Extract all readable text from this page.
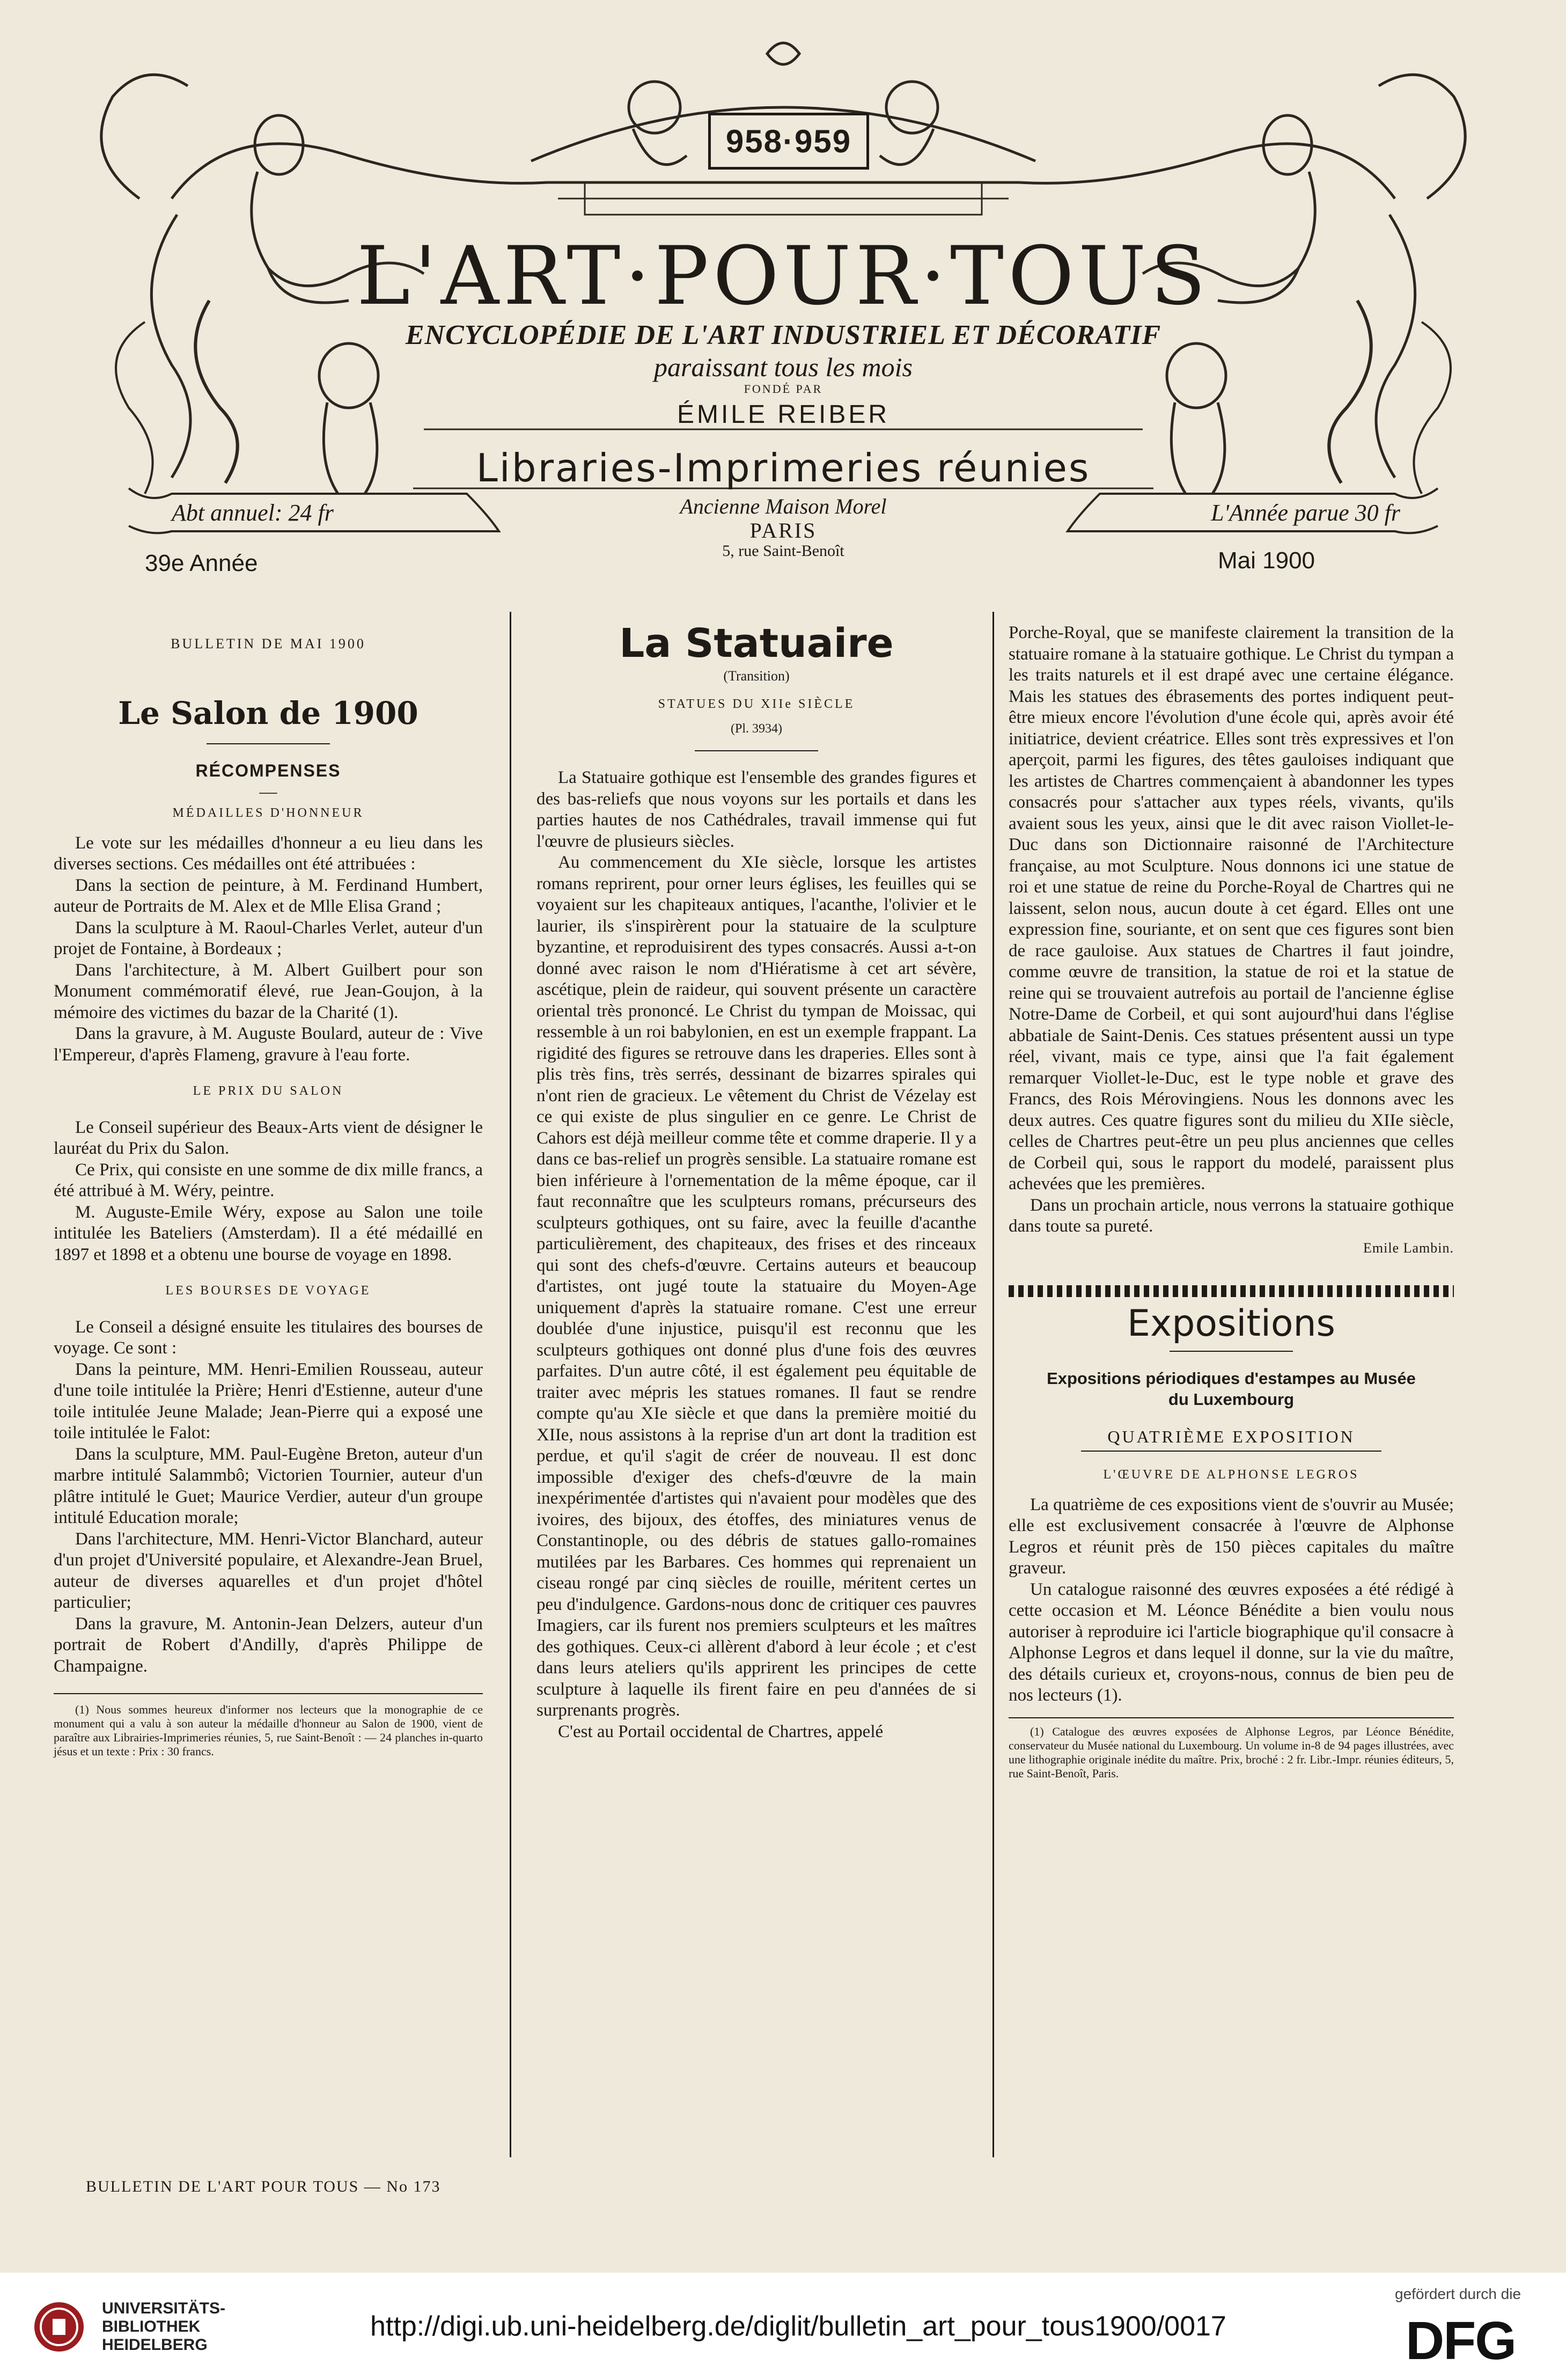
958·959
L'ART·POUR·TOUS
ENCYCLOPÉDIE DE L'ART INDUSTRIEL ET DÉCORATIF
paraissant tous les mois
FONDÉ PAR
ÉMILE REIBER
Libraries-Imprimeries réunies
Abt annuel: 24 fr	L'Année parue 30 fr
Ancienne Maison Morel
PARIS
5, rue Saint-Benoît
39e Année	Mai 1900
BULLETIN DE MAI 1900
Le Salon de 1900
RÉCOMPENSES
—
MÉDAILLES D'HONNEUR

Le vote sur les médailles d'honneur a eu lieu dans les diverses sections. Ces médailles ont été attribuées :

Dans la section de peinture, à M. Ferdinand Humbert, auteur de Portraits de M. Alex et de Mlle Elisa Grand ;

Dans la sculpture à M. Raoul-Charles Verlet, auteur d'un projet de Fontaine, à Bordeaux ;

Dans l'architecture, à M. Albert Guilbert pour son Monument commémoratif élevé, rue Jean-Goujon, à la mémoire des victimes du bazar de la Charité (1).

Dans la gravure, à M. Auguste Boulard, auteur de : Vive l'Empereur, d'après Flameng, gravure à l'eau forte.

LE PRIX DU SALON

Le Conseil supérieur des Beaux-Arts vient de désigner le lauréat du Prix du Salon.

Ce Prix, qui consiste en une somme de dix mille francs, a été attribué à M. Wéry, peintre.

M. Auguste-Emile Wéry, expose au Salon une toile intitulée les Bateliers (Amsterdam). Il a été médaillé en 1897 et 1898 et a obtenu une bourse de voyage en 1898.

LES BOURSES DE VOYAGE

Le Conseil a désigné ensuite les titulaires des bourses de voyage. Ce sont :

Dans la peinture, MM. Henri-Emilien Rousseau, auteur d'une toile intitulée la Prière; Henri d'Estienne, auteur d'une toile intitulée Jeune Malade; Jean-Pierre qui a exposé une toile intitulée le Falot:

Dans la sculpture, MM. Paul-Eugène Breton, auteur d'un marbre intitulé Salammbô; Victorien Tournier, auteur d'un plâtre intitulé le Guet; Maurice Verdier, auteur d'un groupe intitulé Education morale;

Dans l'architecture, MM. Henri-Victor Blanchard, auteur d'un projet d'Université populaire, et Alexandre-Jean Bruel, auteur de diverses aquarelles et d'un projet d'hôtel particulier;

Dans la gravure, M. Antonin-Jean Delzers, auteur d'un portrait de Robert d'Andilly, d'après Philippe de Champaigne.

(1) Nous sommes heureux d'informer nos lecteurs que la monographie de ce monument qui a valu à son auteur la médaille d'honneur au Salon de 1900, vient de paraître aux Librairies-Imprimeries réunies, 5, rue Saint-Benoît : — 24 planches in-quarto jésus et un texte : Prix : 30 francs.

La Statuaire
(Transition)
STATUES DU XIIe SIÈCLE
(Pl. 3934)

La Statuaire gothique est l'ensemble des grandes figures et des bas-reliefs que nous voyons sur les portails et dans les parties hautes de nos Cathédrales, travail immense qui fut l'œuvre de plusieurs siècles.

Au commencement du XIe siècle, lorsque les artistes romans reprirent, pour orner leurs églises, les feuilles qui se voyaient sur les chapiteaux antiques, l'acanthe, l'olivier et le laurier, ils s'inspirèrent pour la statuaire de la sculpture byzantine, et reproduisirent des types consacrés. Aussi a-t-on donné avec raison le nom d'Hiératisme à cet art sévère, ascétique, plein de raideur, qui souvent présente un caractère oriental très prononcé. Le Christ du tympan de Moissac, qui ressemble à un roi babylonien, en est un exemple frappant. La rigidité des figures se retrouve dans les draperies. Elles sont à plis très fins, très serrés, dessinant de bizarres spirales qui n'ont rien de gracieux. Le vêtement du Christ de Vézelay est ce qui existe de plus singulier en ce genre. Le Christ de Cahors est déjà meilleur comme tête et comme draperie. Il y a dans ce bas-relief un progrès sensible. La statuaire romane est bien inférieure à l'ornementation de la même époque, car il faut reconnaître que les sculpteurs romans, précurseurs des sculpteurs gothiques, ont su faire, avec la feuille d'acanthe particulièrement, des chapiteaux, des frises et des rinceaux qui sont des chefs-d'œuvre. Certains auteurs et beaucoup d'artistes, ont jugé toute la statuaire du Moyen-Age uniquement d'après la statuaire romane. C'est une erreur doublée d'une injustice, puisqu'il est reconnu que les sculpteurs gothiques ont donné plus d'une fois des œuvres parfaites. D'un autre côté, il est également peu équitable de traiter avec mépris les statues romanes. Il faut se rendre compte qu'au XIe siècle et que dans la première moitié du XIIe, nous assistons à la reprise d'un art dont la tradition est perdue, et qu'il s'agit de créer de nouveau. Il est donc impossible d'exiger des chefs-d'œuvre de la main inexpérimentée d'artistes qui n'avaient pour modèles que des ivoires, des bijoux, des étoffes, des miniatures venus de Constantinople, ou des débris de statues gallo-romaines mutilées par les Barbares. Ces hommes qui reprenaient un ciseau rongé par cinq siècles de rouille, méritent certes un peu d'indulgence. Gardons-nous donc de critiquer ces pauvres Imagiers, car ils furent nos premiers sculpteurs et les maîtres des gothiques. Ceux-ci allèrent d'abord à leur école ; et c'est dans leurs ateliers qu'ils apprirent les principes de cette sculpture à laquelle ils firent faire en peu d'années de si surprenants progrès.

C'est au Portail occidental de Chartres, appelé

Porche-Royal, que se manifeste clairement la transition de la statuaire romane à la statuaire gothique. Le Christ du tympan a les traits naturels et il est drapé avec une certaine élégance. Mais les statues des ébrasements des portes indiquent peut-être mieux encore l'évolution d'une école qui, après avoir été initiatrice, devient créatrice. Elles sont très expressives et l'on aperçoit, parmi les figures, des têtes gauloises indiquant que les artistes de Chartres commençaient à abandonner les types consacrés pour s'attacher aux types réels, vivants, qu'ils avaient sous les yeux, ainsi que le dit avec raison Viollet-le-Duc dans son Dictionnaire raisonné de l'Architecture française, au mot Sculpture. Nous donnons ici une statue de roi et une statue de reine du Porche-Royal de Chartres qui ne laissent, selon nous, aucun doute à cet égard. Elles ont une expression fine, souriante, et on sent que ces figures sont bien de race gauloise. Aux statues de Chartres il faut joindre, comme œuvre de transition, la statue de roi et la statue de reine qui se trouvaient autrefois au portail de l'ancienne église Notre-Dame de Corbeil, et qui sont aujourd'hui dans l'église abbatiale de Saint-Denis. Ces statues présentent aussi un type réel, vivant, mais ce type, ainsi que l'a fait également remarquer Viollet-le-Duc, est le type noble et grave des Francs, des Rois Mérovingiens. Nous les donnons avec les deux autres. Ces quatre figures sont du milieu du XIIe siècle, celles de Chartres peut-être un peu plus anciennes que celles de Corbeil qui, sous le rapport du modelé, paraissent plus achevées que les premières.

Dans un prochain article, nous verrons la statuaire gothique dans toute sa pureté.

Emile Lambin.
Expositions
Expositions périodiques d'estampes au Musée du Luxembourg
QUATRIÈME EXPOSITION
L'ŒUVRE DE ALPHONSE LEGROS

La quatrième de ces expositions vient de s'ouvrir au Musée; elle est exclusivement consacrée à l'œuvre de Alphonse Legros et réunit près de 150 pièces capitales du maître graveur.

Un catalogue raisonné des œuvres exposées a été rédigé à cette occasion et M. Léonce Bénédite a bien voulu nous autoriser à reproduire ici l'article biographique qu'il consacre à Alphonse Legros et dans lequel il donne, sur la vie du maître, des détails curieux et, croyons-nous, connus de bien peu de nos lecteurs (1).

(1) Catalogue des œuvres exposées de Alphonse Legros, par Léonce Bénédite, conservateur du Musée national du Luxembourg. Un volume in-8 de 94 pages illustrées, avec une lithographie originale inédite du maître. Prix, broché : 2 fr. Libr.-Impr. réunies éditeurs, 5, rue Saint-Benoît, Paris.

BULLETIN DE L'ART POUR TOUS — No 173
UNIVERSITÄTS-
BIBLIOTHEK
HEIDELBERG
http://digi.ub.uni-heidelberg.de/diglit/bulletin_art_pour_tous1900/0017
gefördert durch die
DFG
